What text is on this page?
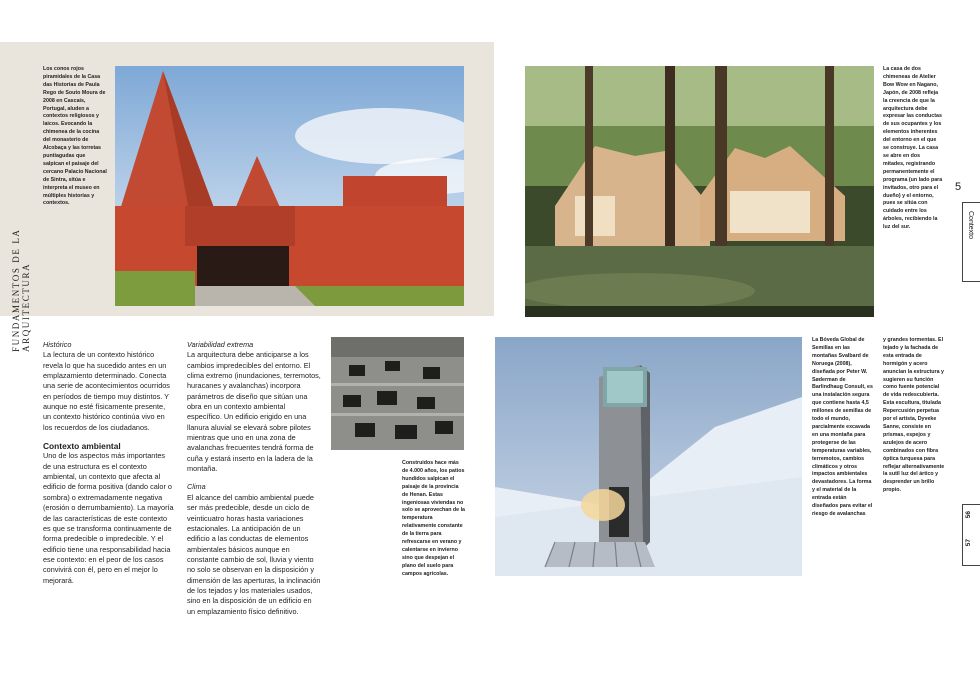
FUNDAMENTOS DE LA ARQUITECTURA
Los conos rojos piramidales de la Casa das Historias de Paula Rego de Souto Moura de 2008 en Cascais, Portugal, aluden a contextos religiosos y laicos. Evocando la chimenea de la cocina del monasterio de Alcobaça y las torretas puntiagudas que salpican el paisaje del cercano Palacio Nacional de Sintra, sitúa e interpreta el museo en múltiples historias y contextos.
La casa de dos chimeneas de Atelier Bow Wow en Nagano, Japón, de 2008 refleja la creencia de que la arquitectura debe expresar las conductas de sus ocupantes y los elementos inherentes del entorno en el que se construye. La casa se abre en dos mitades, registrando permanentemente el programa (un lado para invitados, otro para el dueño) y el entorno, pues se sitúa con cuidado entre los árboles, recibiendo la luz del sur.
5
Contexto
56
57

Histórico

La lectura de un contexto histórico revela lo que ha sucedido antes en un emplazamiento determinado. Conecta una serie de acontecimientos ocurridos en períodos de tiempo muy distintos. Y aunque no esté físicamente presente, un contexto histórico continúa vivo en los recuerdos de los ciudadanos.

Contexto ambiental

Uno de los aspectos más importantes de una estructura es el contexto ambiental, un contexto que afecta al edificio de forma positiva (dando calor o sombra) o extremadamente negativa (erosión o derrumbamiento). La mayoría de las características de este contexto es que se transforma continuamente de forma predecible o impredecible. Y el edificio tiene una responsabilidad hacia ese contexto: en el peor de los casos convivirá con él, pero en el mejor lo mejorará.

Variabilidad extrema

La arquitectura debe anticiparse a los cambios impredecibles del entorno. El clima extremo (inundaciones, terremotos, huracanes y avalanchas) incorpora parámetros de diseño que sitúan una obra en un contexto ambiental específico. Un edificio erigido en una llanura aluvial se elevará sobre pilotes mientras que uno en una zona de avalanchas frecuentes tendrá forma de cuña y estará inserto en la ladera de la montaña.

Clima

El alcance del cambio ambiental puede ser más predecible, desde un ciclo de veinticuatro horas hasta variaciones estacionales. La anticipación de un edificio a las conductas de elementos ambientales básicos aunque en constante cambio de sol, lluvia y viento no solo se observan en la disposición y dimensión de las aperturas, la inclinación de los tejados y los materiales usados, sino en la disposición de un edificio en un emplazamiento físico definitivo.

Construidos hace más de 4.000 años, los patios hundidos salpican el paisaje de la provincia de Henan. Estas ingeniosas viviendas no solo se aprovechan de la temperatura relativamente constante de la tierra para refrescarse en verano y calentarse en invierno sino que despejan el plano del suelo para campos agrícolas.
La Bóveda Global de Semillas en las montañas Svalbard de Noruega (2008), diseñada por Peter W. Søderman de Barlindhaug Consult, es una instalación segura que contiene hasta 4,5 millones de semillas de todo el mundo, parcialmente excavada en una montaña para protegerse de las temperaturas variables, terremotos, cambios climáticos y otros impactos ambientales devastadores. La forma y el material de la entrada están diseñados para evitar el riesgo de avalanchas
y grandes tormentas. El tejado y la fachada de esta entrada de hormigón y acero anuncian la estructura y sugieren su función como fuente potencial de vida redescubierta. Esta escultura, titulada Repercusión perpetua por el artista, Dyveke Sanne, consiste en prismas, espejos y azulejos de acero combinados con fibra óptica turquesa para reflejar alternativamente la sutil luz del ártico y desprender un brillo propio.
